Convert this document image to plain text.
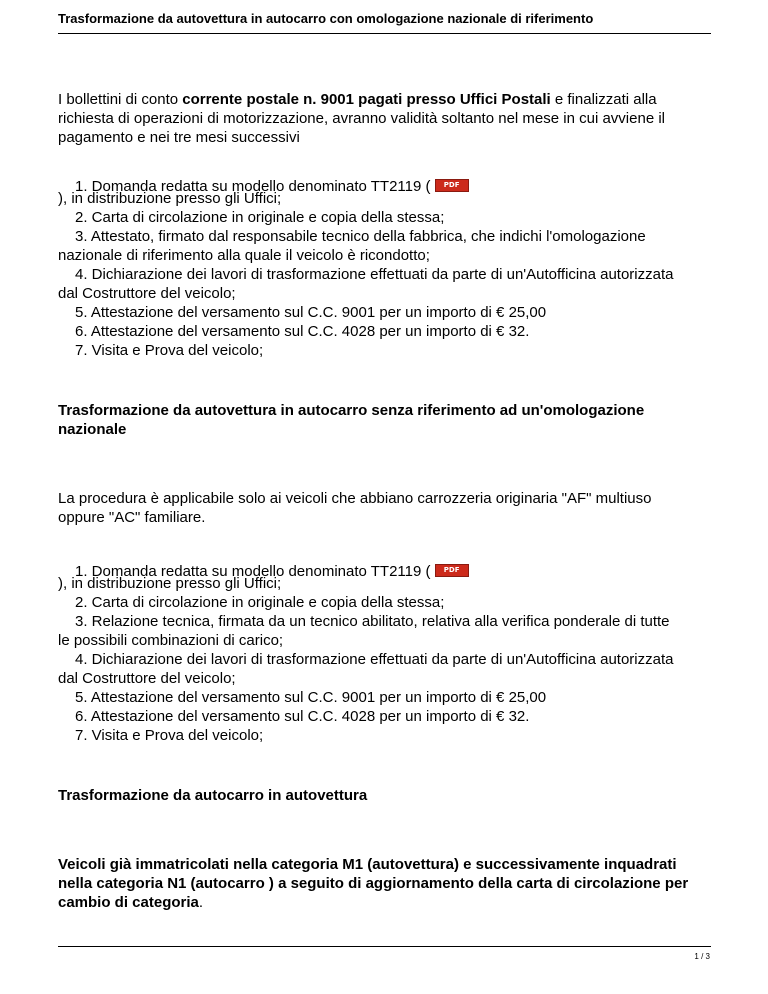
Trasformazione da autovettura in autocarro con omologazione nazionale di riferimento
I bollettini di conto corrente postale n. 9001 pagati presso Uffici Postali e finalizzati alla
richiesta di operazioni di motorizzazione, avranno validità soltanto nel mese in cui avviene il
pagamento e nei tre mesi successivi
1. Domanda redatta su modello denominato TT2119 ( PDF
), in distribuzione presso gli Uffici;
2. Carta di circolazione in originale e copia della stessa;
3. Attestato, firmato dal responsabile tecnico della fabbrica, che indichi l'omologazione
nazionale di riferimento alla quale il veicolo è ricondotto;
4. Dichiarazione dei lavori di trasformazione effettuati da parte di un'Autofficina autorizzata
dal Costruttore del veicolo;
5. Attestazione del versamento sul C.C. 9001 per un importo di € 25,00
6. Attestazione del versamento sul C.C. 4028 per un importo di € 32.
7. Visita e Prova del veicolo;
Trasformazione da autovettura in autocarro senza riferimento ad un'omologazione
nazionale
La procedura è applicabile solo ai veicoli che abbiano carrozzeria originaria "AF" multiuso
oppure "AC" familiare.
1. Domanda redatta su modello denominato TT2119 ( PDF
), in distribuzione presso gli Uffici;
2. Carta di circolazione in originale e copia della stessa;
3. Relazione tecnica, firmata da un tecnico abilitato, relativa alla verifica ponderale di tutte
le possibili combinazioni di carico;
4. Dichiarazione dei lavori di trasformazione effettuati da parte di un'Autofficina autorizzata
dal Costruttore del veicolo;
5. Attestazione del versamento sul C.C. 9001 per un importo di € 25,00
6. Attestazione del versamento sul C.C. 4028 per un importo di € 32.
7. Visita e Prova del veicolo;
Trasformazione da autocarro in autovettura
Veicoli già immatricolati nella categoria M1 (autovettura) e successivamente inquadrati
nella categoria N1 (autocarro ) a seguito di aggiornamento della carta di circolazione per
cambio di categoria.
1 / 3
